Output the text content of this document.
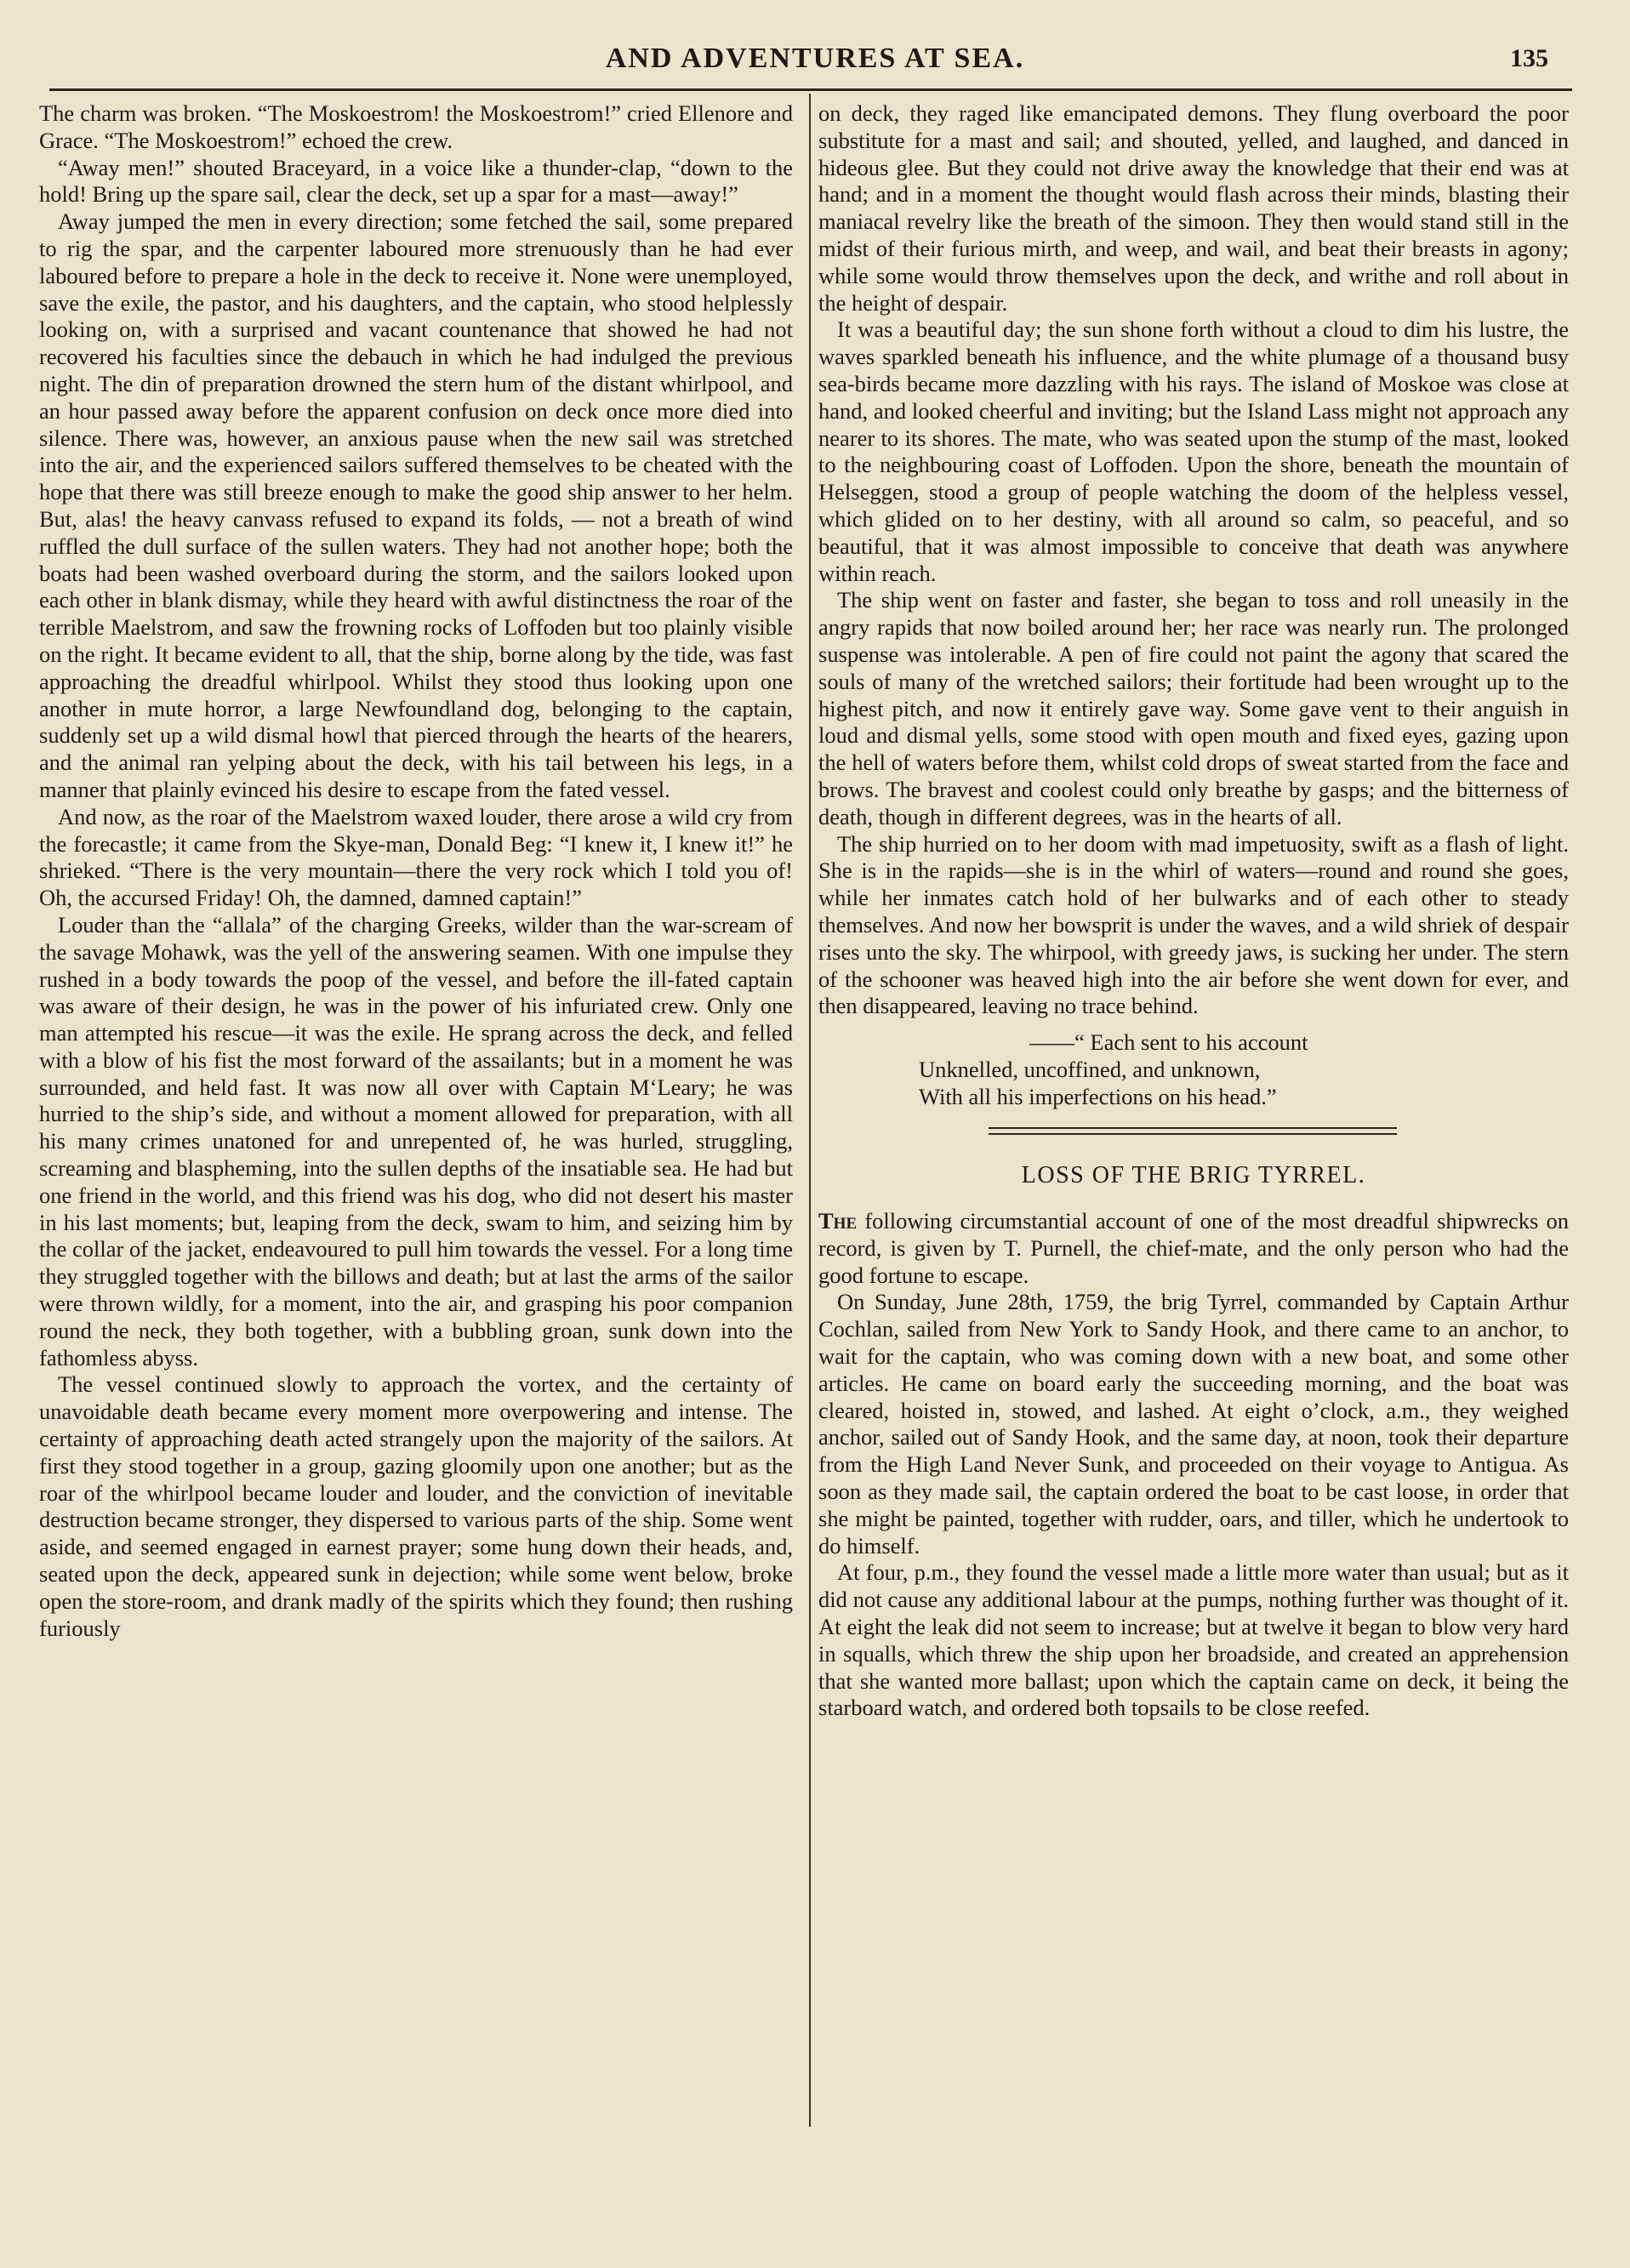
AND ADVENTURES AT SEA.	135

The charm was broken. “The Moskoestrom! the Moskoestrom!” cried Ellenore and Grace. “The Moskoestrom!” echoed the crew.

“Away men!” shouted Braceyard, in a voice like a thunder-clap, “down to the hold! Bring up the spare sail, clear the deck, set up a spar for a mast—away!”

Away jumped the men in every direction; some fetched the sail, some prepared to rig the spar, and the carpenter laboured more strenuously than he had ever laboured before to prepare a hole in the deck to receive it. None were unemployed, save the exile, the pastor, and his daughters, and the captain, who stood helplessly looking on, with a surprised and vacant countenance that showed he had not recovered his faculties since the debauch in which he had indulged the previous night. The din of preparation drowned the stern hum of the distant whirlpool, and an hour passed away before the apparent confusion on deck once more died into silence. There was, however, an anxious pause when the new sail was stretched into the air, and the experienced sailors suffered themselves to be cheated with the hope that there was still breeze enough to make the good ship answer to her helm. But, alas! the heavy canvass refused to expand its folds, — not a breath of wind ruffled the dull surface of the sullen waters. They had not another hope; both the boats had been washed overboard during the storm, and the sailors looked upon each other in blank dismay, while they heard with awful distinctness the roar of the terrible Maelstrom, and saw the frowning rocks of Loffoden but too plainly visible on the right. It became evident to all, that the ship, borne along by the tide, was fast approaching the dreadful whirlpool. Whilst they stood thus looking upon one another in mute horror, a large Newfoundland dog, belonging to the captain, suddenly set up a wild dismal howl that pierced through the hearts of the hearers, and the animal ran yelping about the deck, with his tail between his legs, in a manner that plainly evinced his desire to escape from the fated vessel.

And now, as the roar of the Maelstrom waxed louder, there arose a wild cry from the forecastle; it came from the Skye-man, Donald Beg: “I knew it, I knew it!” he shrieked. “There is the very mountain—there the very rock which I told you of! Oh, the accursed Friday! Oh, the damned, damned captain!”

Louder than the “allala” of the charging Greeks, wilder than the war-scream of the savage Mohawk, was the yell of the answering seamen. With one impulse they rushed in a body towards the poop of the vessel, and before the ill-fated captain was aware of their design, he was in the power of his infuriated crew. Only one man attempted his rescue—it was the exile. He sprang across the deck, and felled with a blow of his fist the most forward of the assailants; but in a moment he was surrounded, and held fast. It was now all over with Captain M‘Leary; he was hurried to the ship’s side, and without a moment allowed for preparation, with all his many crimes unatoned for and unrepented of, he was hurled, struggling, screaming and blaspheming, into the sullen depths of the insatiable sea. He had but one friend in the world, and this friend was his dog, who did not desert his master in his last moments; but, leaping from the deck, swam to him, and seizing him by the collar of the jacket, endeavoured to pull him towards the vessel. For a long time they struggled together with the billows and death; but at last the arms of the sailor were thrown wildly, for a moment, into the air, and grasping his poor companion round the neck, they both together, with a bubbling groan, sunk down into the fathomless abyss.

The vessel continued slowly to approach the vortex, and the certainty of unavoidable death became every moment more overpowering and intense. The certainty of approaching death acted strangely upon the majority of the sailors. At first they stood together in a group, gazing gloomily upon one another; but as the roar of the whirlpool became louder and louder, and the conviction of inevitable destruction became stronger, they dispersed to various parts of the ship. Some went aside, and seemed engaged in earnest prayer; some hung down their heads, and, seated upon the deck, appeared sunk in dejection; while some went below, broke open the store-room, and drank madly of the spirits which they found; then rushing furiously

on deck, they raged like emancipated demons. They flung overboard the poor substitute for a mast and sail; and shouted, yelled, and laughed, and danced in hideous glee. But they could not drive away the knowledge that their end was at hand; and in a moment the thought would flash across their minds, blasting their maniacal revelry like the breath of the simoon. They then would stand still in the midst of their furious mirth, and weep, and wail, and beat their breasts in agony; while some would throw themselves upon the deck, and writhe and roll about in the height of despair.

It was a beautiful day; the sun shone forth without a cloud to dim his lustre, the waves sparkled beneath his influence, and the white plumage of a thousand busy sea-birds became more dazzling with his rays. The island of Moskoe was close at hand, and looked cheerful and inviting; but the Island Lass might not approach any nearer to its shores. The mate, who was seated upon the stump of the mast, looked to the neighbouring coast of Loffoden. Upon the shore, beneath the mountain of Helseggen, stood a group of people watching the doom of the helpless vessel, which glided on to her destiny, with all around so calm, so peaceful, and so beautiful, that it was almost impossible to conceive that death was anywhere within reach.

The ship went on faster and faster, she began to toss and roll uneasily in the angry rapids that now boiled around her; her race was nearly run. The prolonged suspense was intolerable. A pen of fire could not paint the agony that scared the souls of many of the wretched sailors; their fortitude had been wrought up to the highest pitch, and now it entirely gave way. Some gave vent to their anguish in loud and dismal yells, some stood with open mouth and fixed eyes, gazing upon the hell of waters before them, whilst cold drops of sweat started from the face and brows. The bravest and coolest could only breathe by gasps; and the bitterness of death, though in different degrees, was in the hearts of all.

The ship hurried on to her doom with mad impetuosity, swift as a flash of light. She is in the rapids—she is in the whirl of waters—round and round she goes, while her inmates catch hold of her bulwarks and of each other to steady themselves. And now her bowsprit is under the waves, and a wild shriek of despair rises unto the sky. The whirpool, with greedy jaws, is sucking her under. The stern of the schooner was heaved high into the air before she went down for ever, and then disappeared, leaving no trace behind.

——“ Each sent to his account
Unknelled, uncoffined, and unknown,
With all his imperfections on his head.”
LOSS OF THE BRIG TYRREL.

The following circumstantial account of one of the most dreadful shipwrecks on record, is given by T. Purnell, the chief-mate, and the only person who had the good fortune to escape.

On Sunday, June 28th, 1759, the brig Tyrrel, commanded by Captain Arthur Cochlan, sailed from New York to Sandy Hook, and there came to an anchor, to wait for the captain, who was coming down with a new boat, and some other articles. He came on board early the succeeding morning, and the boat was cleared, hoisted in, stowed, and lashed. At eight o’clock, a.m., they weighed anchor, sailed out of Sandy Hook, and the same day, at noon, took their departure from the High Land Never Sunk, and proceeded on their voyage to Antigua. As soon as they made sail, the captain ordered the boat to be cast loose, in order that she might be painted, together with rudder, oars, and tiller, which he undertook to do himself.

At four, p.m., they found the vessel made a little more water than usual; but as it did not cause any additional labour at the pumps, nothing further was thought of it. At eight the leak did not seem to increase; but at twelve it began to blow very hard in squalls, which threw the ship upon her broadside, and created an apprehension that she wanted more ballast; upon which the captain came on deck, it being the starboard watch, and ordered both topsails to be close reefed.
